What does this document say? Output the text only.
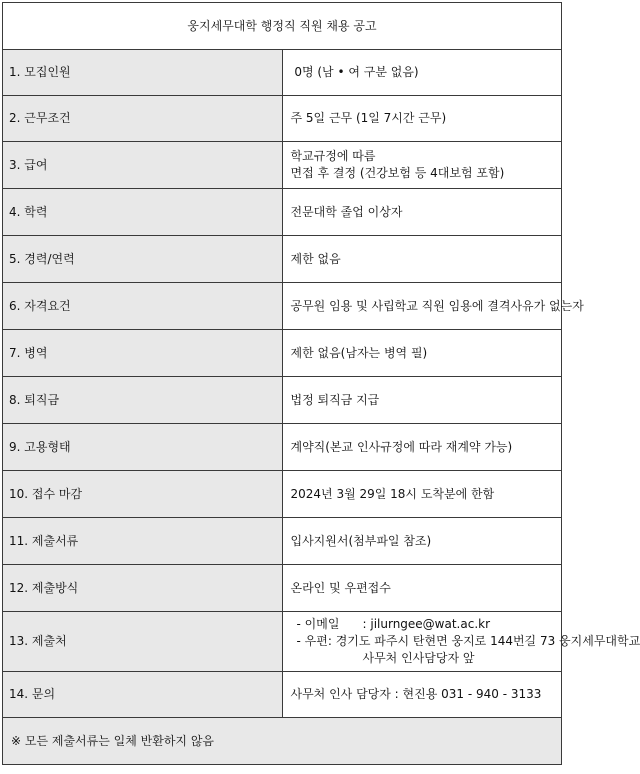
웅지세무대학 행정직 직원 채용 공고	
1. 모집인원	0명 (남 • 여 구분 없음)

2. 근무조건	주 5일 근무 (1일 7시간 근무)

3. 급여	학교규정에 따름
면접 후 결정 (건강보험 등 4대보험 포함)

4. 학력	전문대학 졸업 이상자

5. 경력/연력	제한 없음

6. 자격요건	공무원 임용 및 사립학교 직원 임용에 결격사유가 없는자

7. 병역	제한 없음(남자는 병역 필)

8. 퇴직금	법정 퇴직금 지급

9. 고용형태	계약직(본교 인사규정에 따라 재계약 가능)

10. 접수 마감	2024년 3월 29일 18시 도착분에 한함

11. 제출서류	입사지원서(첨부파일 참조)

12. 제출방식	온라인 및 우편접수

13. 제출처	- 이메일 : jilurngee@wat.ac.kr
- 우편 : 경기도 파주시 탄현면 웅지로 144번길 73 웅지세무대학교
사무처 인사담당자 앞

14. 문의	사무처 인사 담당자 : 현진용 031 - 940 - 3133
※ 모든 제출서류는 일체 반환하지 않음	
